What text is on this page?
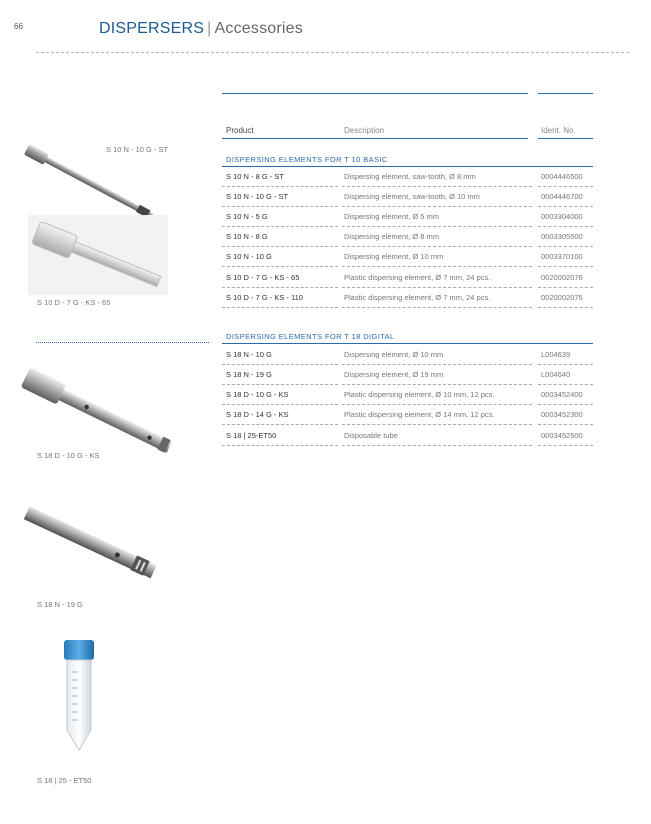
66	DISPERSERS | Accessories
Product	Description	Ident. No.
DISPERSING ELEMENTS FOR T 10 BASIC
S 10 N - 8 G - ST	Dispersing element, saw-tooth, Ø 8 mm	0004446500
S 10 N - 10 G - ST	Dispersing element, saw-tooth, Ø 10 mm	0004446700
S 10 N - 5 G	Dispersing element, Ø 5 mm	0003304000
S 10 N - 8 G	Dispersing element, Ø 8 mm	0003305500
S 10 N - 10 G	Dispersing element, Ø 10 mm	0003370100
S 10 D - 7 G - KS - 65	Plastic dispersing element, Ø 7 mm, 24 pcs.	0020002076
S 10 D - 7 G - KS - 110	Plastic dispersing element, Ø 7 mm, 24 pcs.	0020002075
DISPERSING ELEMENTS FOR T 18 DIGITAL
S 18 N - 10 G	Dispersing element, Ø 10 mm	L004639
S 18 N - 19 G	Dispersing element, Ø 19 mm	L004640
S 18 D - 10 G - KS	Plastic dispersing element, Ø 10 mm, 12 pcs.	0003452400
S 18 D - 14 G - KS	Plastic dispersing element, Ø 14 mm, 12 pcs.	0003452300
S 18 | 25-ET50	Disposable tube	0003452500
S 10 N - 10 G - ST
S 10 D - 7 G - KS - 65
S 18 D - 10 G - KS
S 18 N - 19 G
S 18 | 25 - ET50
